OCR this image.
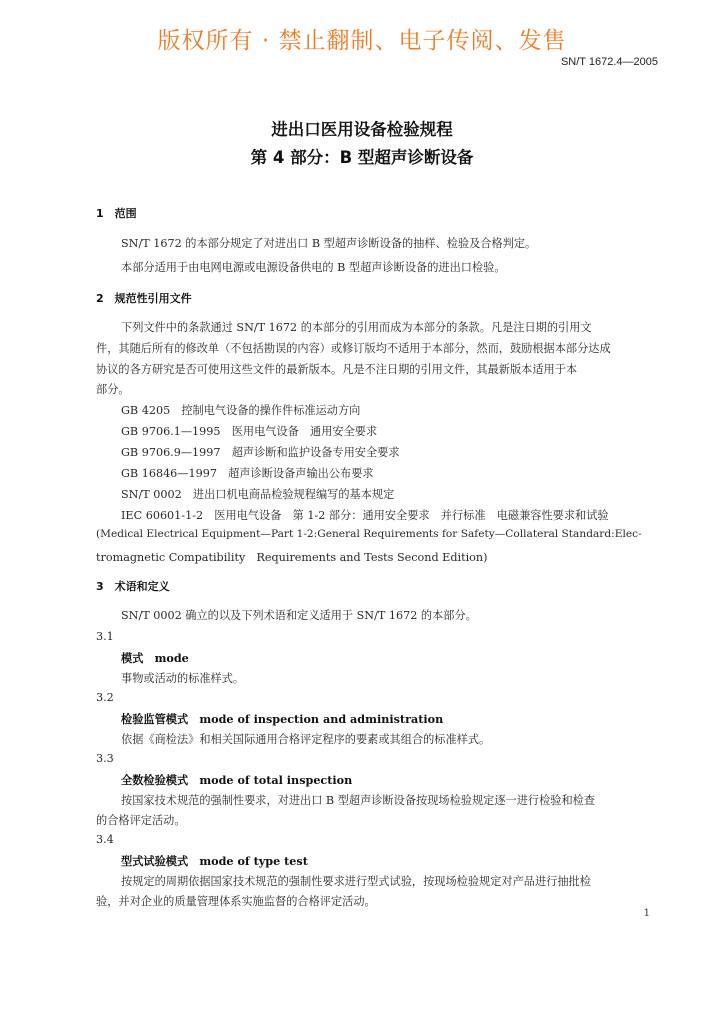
版权所有 · 禁止翻制、电子传阅、发售
SN/T 1672.4—2005
进出口医用设备检验规程
第 4 部分：B 型超声诊断设备
1　范围
SN/T 1672 的本部分规定了对进出口 B 型超声诊断设备的抽样、检验及合格判定。
本部分适用于由电网电源或电源设备供电的 B 型超声诊断设备的进出口检验。
2　规范性引用文件
下列文件中的条款通过 SN/T 1672 的本部分的引用而成为本部分的条款。凡是注日期的引用文
件，其随后所有的修改单（不包括勘误的内容）或修订版均不适用于本部分，然而，鼓励根据本部分达成
协议的各方研究是否可使用这些文件的最新版本。凡是不注日期的引用文件，其最新版本适用于本
部分。
GB 4205　控制电气设备的操作件标准运动方向
GB 9706.1—1995　医用电气设备　通用安全要求
GB 9706.9—1997　超声诊断和监护设备专用安全要求
GB 16846—1997　超声诊断设备声输出公布要求
SN/T 0002　进出口机电商品检验规程编写的基本规定
IEC 60601-1-2　医用电气设备　第 1-2 部分：通用安全要求　并行标准　电磁兼容性要求和试验
(Medical Electrical Equipment—Part 1-2:General Requirements for Safety—Collateral Standard:Elec-
tromagnetic Compatibility　Requirements and Tests Second Edition)
3　术语和定义
SN/T 0002 确立的以及下列术语和定义适用于 SN/T 1672 的本部分。
3.1
模式　mode
事物或活动的标准样式。
3.2
检验监管模式　mode of inspection and administration
依据《商检法》和相关国际通用合格评定程序的要素或其组合的标准样式。
3.3
全数检验模式　mode of total inspection
按国家技术规范的强制性要求，对进出口 B 型超声诊断设备按现场检验规定逐一进行检验和检查
的合格评定活动。
3.4
型式试验模式　mode of type test
按规定的周期依据国家技术规范的强制性要求进行型式试验，按现场检验规定对产品进行抽批检
验，并对企业的质量管理体系实施监督的合格评定活动。
1
